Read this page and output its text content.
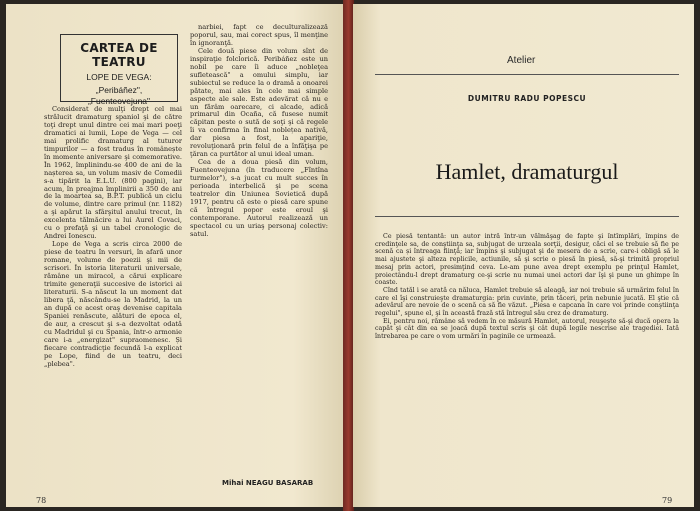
CARTEA DE TEATRU
LOPE DE VEGA:
„Peribáñez",
„Fuenteovejuna"

Considerat de mulţi drept cel mai strălucit dramaturg spaniol şi de către toţi drept unul dintre cei mai mari poeţi dramatici ai lumii, Lope de Vega — cel mai prolific dramaturg al tuturor timpurilor — a fost tradus în românește în momente aniversare şi comemorative. În 1962, împlinindu-se 400 de ani de la nașterea sa, un volum masiv de Comedii s-a tipărit la E.L.U. (800 pagini), iar acum, în preajma împlinirii a 350 de ani de la moartea sa, B.P.T. publică un ciclu de volume, dintre care primul (nr. 1182) a şi apărut la sfârşitul anului trecut, în excelenta tălmăcire a lui Aurel Covaci, cu o prefaţă şi un tabel cronologic de Andrei Ionescu.

Lope de Vega a scris circa 2000 de piese de teatru în versuri, în afară unor romane, volume de poezii şi mii de scrisori. În istoria literaturii universale, rămâne un miracol, a cărui explicare trimite generaţii succesive de istorici ai literaturii. S-a născut la un moment dat libera ţă, născându-se la Madrid, la un an după ce acest oraş devenise capitala Spaniei renăscute, alături de epoca el, de aur, a crescut şi s-a dezvoltat odată cu Madridul şi cu Spania, într-o armonie care i-a „energizat" supraomenesc. Și fiecare contradicţie fecundă l-a explicat pe Lope, fiind de un teatru, deci „plebea".

narbiei, fapt ce deculturalizează poporul, sau, mai corect spus, îl menţine în ignoranţă.

Cele două piese din volum sînt de inspiraţie folclorică. Peribáñez este un nobil pe care îi aduce „nobleţea sufletească" a omului simplu, iar subiectul se reduce la o dramă a onoarei pătate, mai ales în cele mai simple aspecte ale sale. Este adevărat că nu e un fărâm oarecare, ci alcade, adică primarul din Ocaña, că fusese numit căpitan peste o sută de soţi şi că regele îi va confirma în final noblețea nativă, dar piesa a fost, la apariţie, revoluţionară prin felul de a înfăţişa pe ţăran ca purtător al unui ideal uman.

Cea de a doua piesă din volum, Fuenteovejuna (în traducere „Fîntîna turmelor"), s-a jucat cu mult succes în perioada interbelică şi pe scena teatrelor din Uniunea Sovietică după 1917, pentru că este o piesă care spune că întregul popor este eroul şi contemporane. Autorul realizează un spectacol cu un uriaş personaj colectiv: satul.

Mihai NEAGU BASARAB
78
Atelier
DUMITRU RADU POPESCU
Hamlet, dramaturgul

Ce piesă tentantă: un autor intră într-un vălmăşag de fapte şi întîmplări, împins de credinţele sa, de conştiinţa sa, subjugat de urzeala sorţii, desigur, căci el se trebuie să fie pe scenă ca și întreaga fiinţă; iar împins şi subjugat şi de mesera de a scrie, care-i obligă să le mai ajustete şi alteza replicile, actiunile, să şi scrie o piesă în piesă, să-şi trimită propriul mesaj prin actori, presimţind ceva. Le-am pune avea drept exemplu pe prinţul Hamlet, proiectându-l drept dramaturg ce-şi scrie nu numai unei actori dar îşi şi pune un ghimpe în coaste.

Cînd tatăl i se arată ca năluca, Hamlet trebuie să aleagă, iar noi trebuie să urmărim felul în care el îşi construieşte dramaturgia: prin cuvinte, prin tăceri, prin nebunie jucată. El ştie că adevărul are nevoie de o scenă ca să fie văzut. „Piesa e capcana în care voi prinde conştiinţa regelui", spune el, şi în această frază stă întregul său crez de dramaturg.

Ei, pentru noi, rămâne să vedem în ce măsură Hamlet, autorul, reuşeşte să-şi ducă opera la capăt şi cât din ea se joacă după textul scris şi cât după legile nescrise ale tragediei. Iată întrebarea pe care o vom urmări în paginile ce urmează.

79
